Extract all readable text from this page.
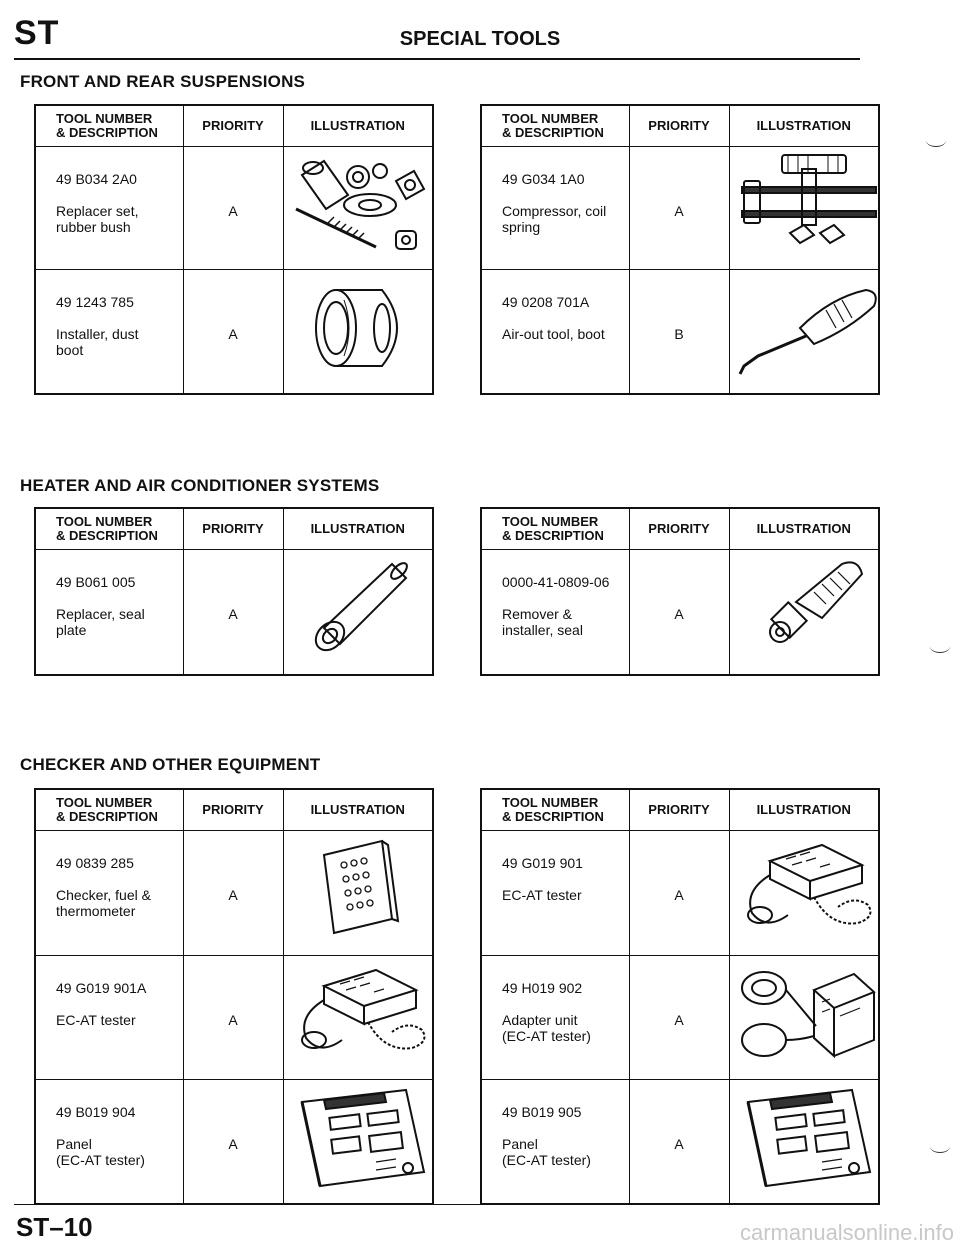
ST	SPECIAL TOOLS
FRONT AND REAR SUSPENSIONS
HEATER AND AIR CONDITIONER SYSTEMS
CHECKER AND OTHER EQUIPMENT
TOOL NUMBER
& DESCRIPTION	PRIORITY	ILLUSTRATION

49 B034 2A0
Replacer set,
rubber bush	A

49 1243 785
Installer, dust
boot	A

TOOL NUMBER
& DESCRIPTION	PRIORITY	ILLUSTRATION

49 G034 1A0
Compressor, coil
spring	A

49 0208 701A
Air-out tool, boot	B

TOOL NUMBER
& DESCRIPTION	PRIORITY	ILLUSTRATION

49 B061 005
Replacer, seal
plate	A

TOOL NUMBER
& DESCRIPTION	PRIORITY	ILLUSTRATION

0000-41-0809-06
Remover &
installer, seal	A

TOOL NUMBER
& DESCRIPTION	PRIORITY	ILLUSTRATION

49 0839 285
Checker, fuel &
thermometer	A

49 G019 901A
EC-AT tester	A

49 B019 904
Panel
(EC-AT tester)	A

TOOL NUMBER
& DESCRIPTION	PRIORITY	ILLUSTRATION

49 G019 901
EC-AT tester	A

49 H019 902
Adapter unit
(EC-AT tester)	A

49 B019 905
Panel
(EC-AT tester)	A

ST–10	carmanualsonline.info
